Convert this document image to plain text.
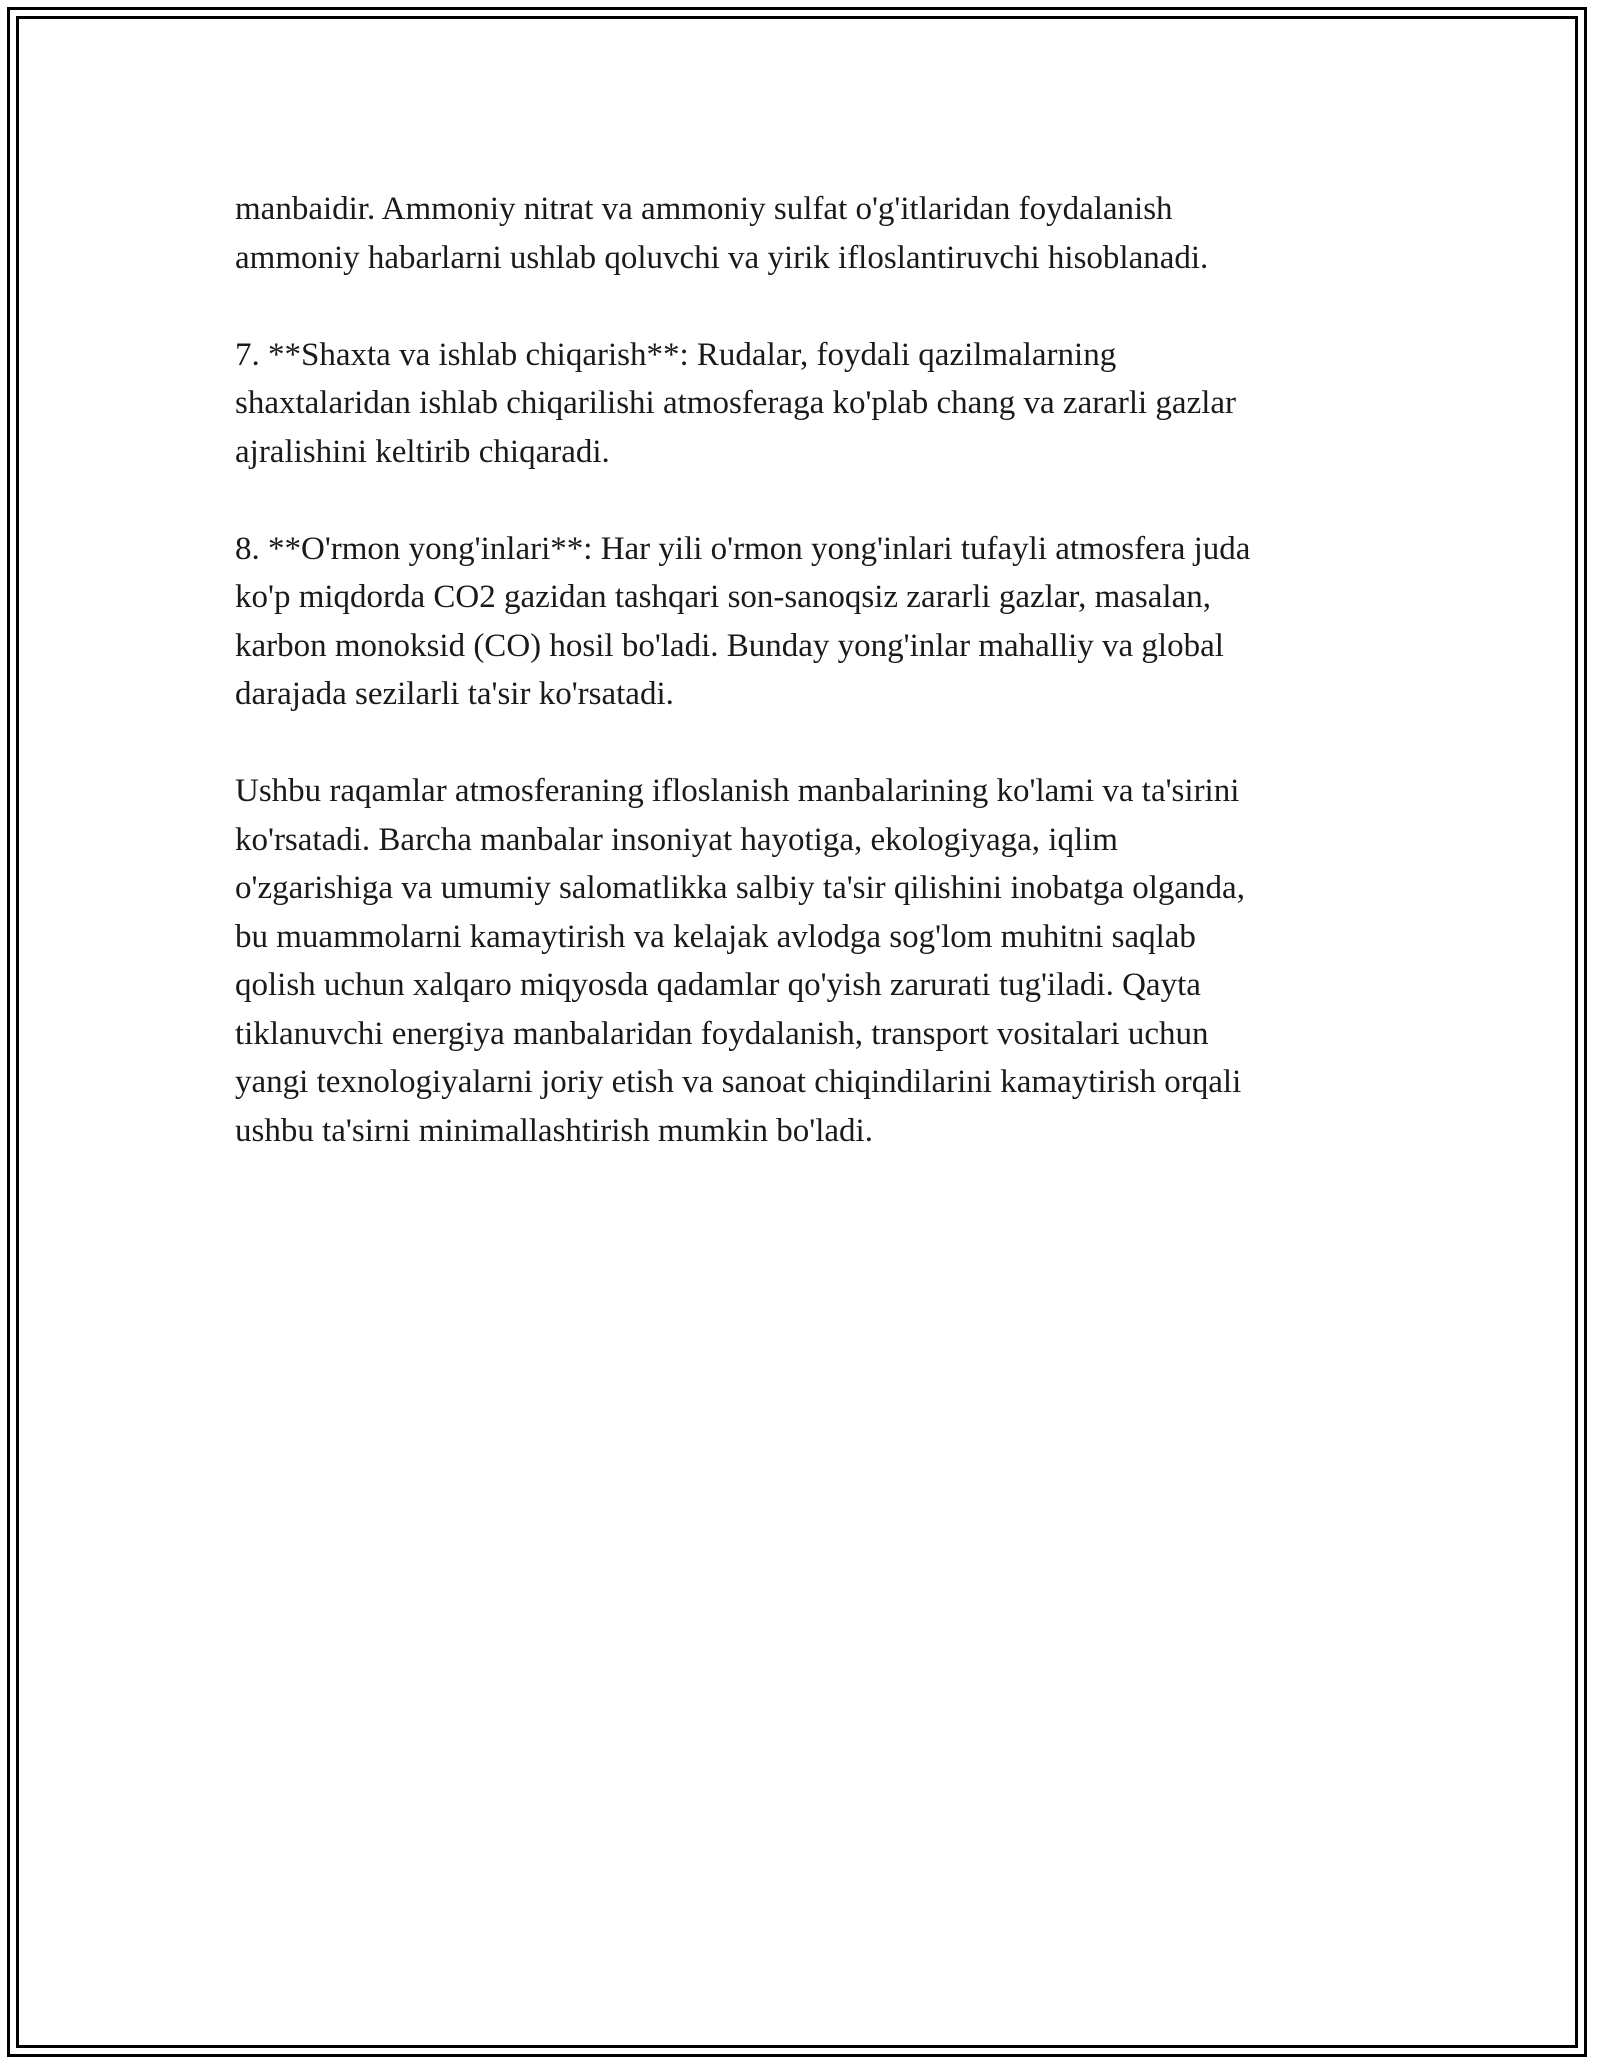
manbaidir. Ammoniy nitrat va ammoniy sulfat o'g'itlaridan foydalanish
ammoniy habarlarni ushlab qoluvchi va yirik ifloslantiruvchi hisoblanadi.

7. **Shaxta va ishlab chiqarish**: Rudalar, foydali qazilmalarning
shaxtalaridan ishlab chiqarilishi atmosferaga ko'plab chang va zararli gazlar
ajralishini keltirib chiqaradi.

8. **O'rmon yong'inlari**: Har yili o'rmon yong'inlari tufayli atmosfera juda
ko'p miqdorda CO2 gazidan tashqari son-sanoqsiz zararli gazlar, masalan,
karbon monoksid (CO) hosil bo'ladi. Bunday yong'inlar mahalliy va global
darajada sezilarli ta'sir ko'rsatadi.

Ushbu raqamlar atmosferaning ifloslanish manbalarining ko'lami va ta'sirini
ko'rsatadi. Barcha manbalar insoniyat hayotiga, ekologiyaga, iqlim
o'zgarishiga va umumiy salomatlikka salbiy ta'sir qilishini inobatga olganda,
bu muammolarni kamaytirish va kelajak avlodga sog'lom muhitni saqlab
qolish uchun xalqaro miqyosda qadamlar qo'yish zarurati tug'iladi. Qayta
tiklanuvchi energiya manbalaridan foydalanish, transport vositalari uchun
yangi texnologiyalarni joriy etish va sanoat chiqindilarini kamaytirish orqali
ushbu ta'sirni minimallashtirish mumkin bo'ladi.
